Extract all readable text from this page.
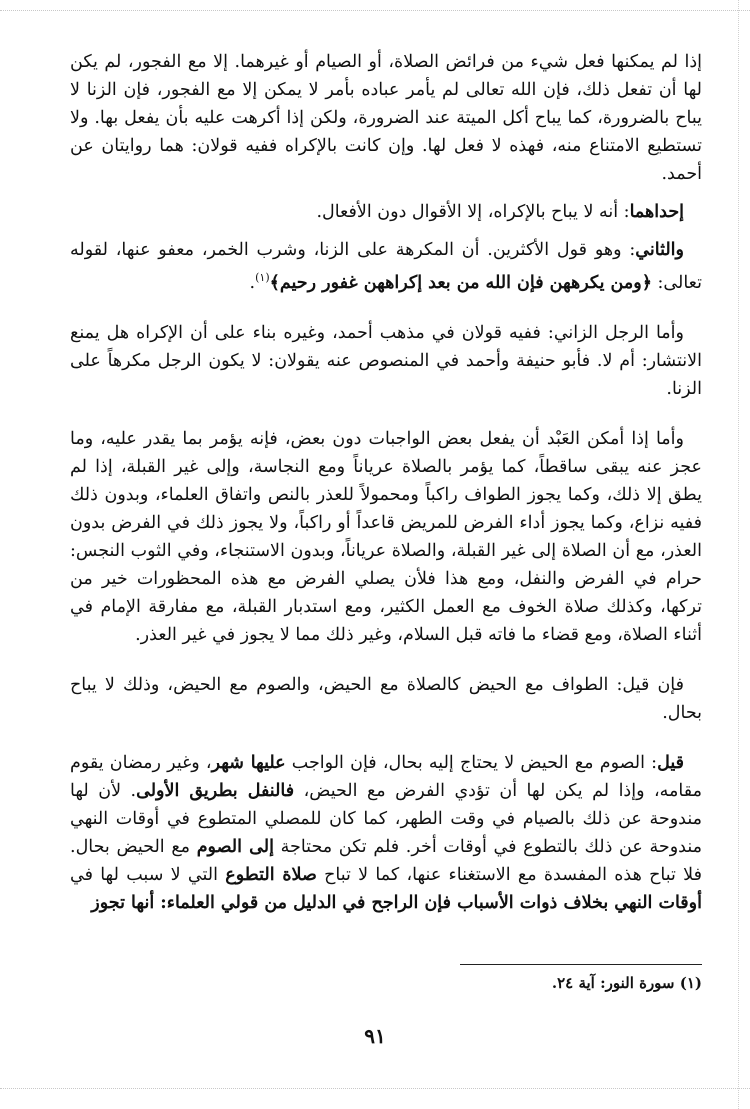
إذا لم يمكنها فعل شيء من فرائض الصلاة، أو الصيام أو غيرهما. إلا مع الفجور، لم يكن لها أن تفعل ذلك، فإن الله تعالى لم يأمر عباده بأمر لا يمكن إلا مع الفجور، فإن الزنا لا يباح بالضرورة، كما يباح أكل الميتة عند الضرورة، ولكن إذا أكرهت عليه بأن يفعل بها. ولا تستطيع الامتناع منه، فهذه لا فعل لها. وإن كانت بالإكراه ففيه قولان: هما روايتان عن أحمد.

إحداهما: أنه لا يباح بالإكراه، إلا الأقوال دون الأفعال.

والثاني: وهو قول الأكثرين. أن المكرهة على الزنا، وشرب الخمر، معفو عنها، لقوله تعالى: ﴿ومن يكرههن فإن الله من بعد إكراههن غفور رحيم﴾$^{(١)}$.

وأما الرجل الزاني: ففيه قولان في مذهب أحمد، وغيره بناء على أن الإكراه هل يمنع الانتشار: أم لا. فأبو حنيفة وأحمد في المنصوص عنه يقولان: لا يكون الرجل مكرهاً على الزنا.

وأما إذا أمكن العَبْد أن يفعل بعض الواجبات دون بعض، فإنه يؤمر بما يقدر عليه، وما عجز عنه يبقى ساقطاً، كما يؤمر بالصلاة عرياناً ومع النجاسة، وإلى غير القبلة، إذا لم يطق إلا ذلك، وكما يجوز الطواف راكباً ومحمولاً للعذر بالنص واتفاق العلماء، وبدون ذلك ففيه نزاع، وكما يجوز أداء الفرض للمريض قاعداً أو راكباً، ولا يجوز ذلك في الفرض بدون العذر، مع أن الصلاة إلى غير القبلة، والصلاة عرياناً، وبدون الاستنجاء، وفي الثوب النجس: حرام في الفرض والنفل، ومع هذا فلأن يصلي الفرض مع هذه المحظورات خير من تركها، وكذلك صلاة الخوف مع العمل الكثير، ومع استدبار القبلة، مع مفارقة الإمام في أثناء الصلاة، ومع قضاء ما فاته قبل السلام، وغير ذلك مما لا يجوز في غير العذر.

فإن قيل: الطواف مع الحيض كالصلاة مع الحيض، والصوم مع الحيض، وذلك لا يباح بحال.

قيل: الصوم مع الحيض لا يحتاج إليه بحال، فإن الواجب عليها شهر، وغير رمضان يقوم مقامه، وإذا لم يكن لها أن تؤدي الفرض مع الحيض، فالنفل بطريق الأولى. لأن لها مندوحة عن ذلك بالصيام في وقت الطهر، كما كان للمصلي المتطوع في أوقات النهي مندوحة عن ذلك بالتطوع في أوقات أخر. فلم تكن محتاجة إلى الصوم مع الحيض بحال. فلا تباح هذه المفسدة مع الاستغناء عنها، كما لا تباح صلاة التطوع التي لا سبب لها في أوقات النهي بخلاف ذوات الأسباب فإن الراجح في الدليل من قولي العلماء: أنها تجوز

(١) سورة النور: آية ٢٤.
٩١
